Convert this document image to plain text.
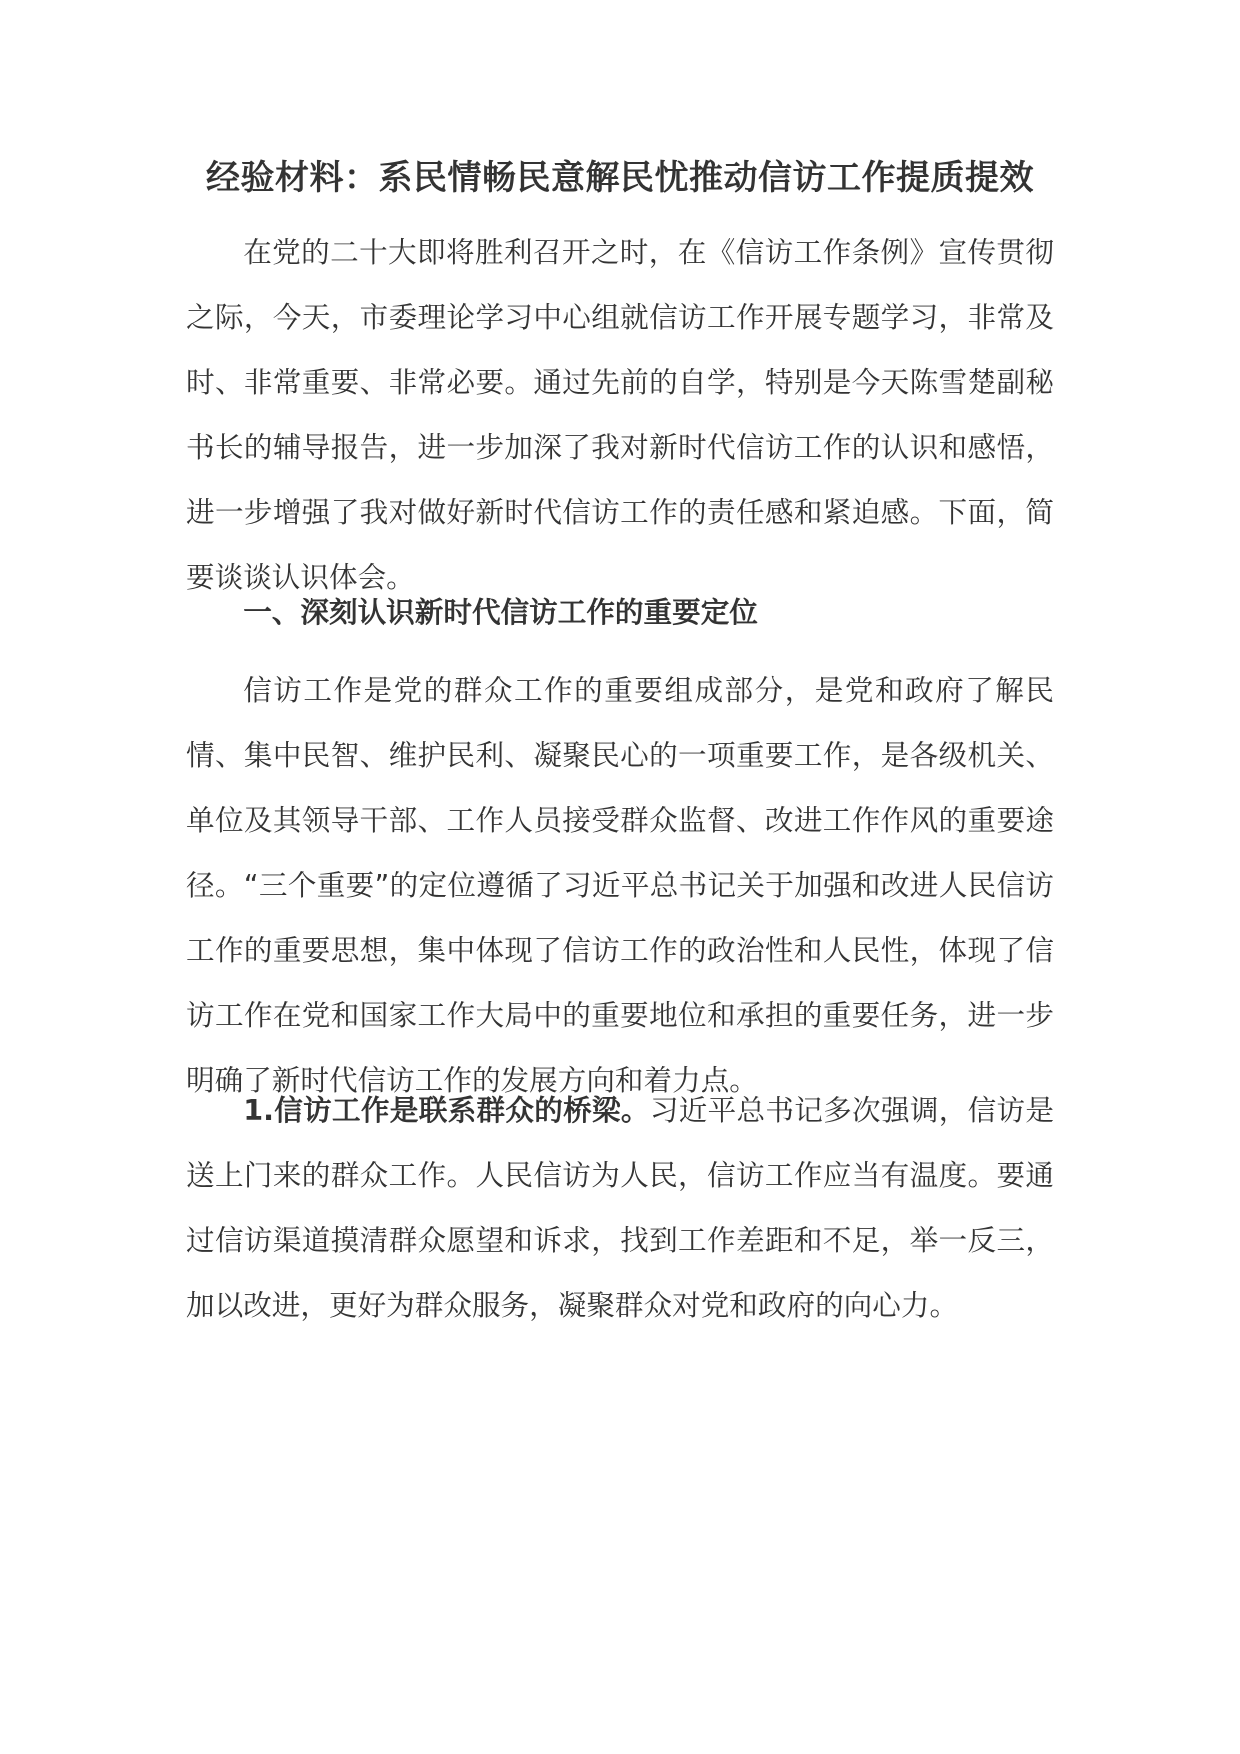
经验材料：系民情畅民意解民忧推动信访工作提质提效

在党的二十大即将胜利召开之时，在《信访工作条例》宣传贯彻之际，今天，市委理论学习中心组就信访工作开展专题学习，非常及时、非常重要、非常必要。通过先前的自学，特别是今天陈雪楚副秘书长的辅导报告，进一步加深了我对新时代信访工作的认识和感悟，进一步增强了我对做好新时代信访工作的责任感和紧迫感。下面，简要谈谈认识体会。

一、深刻认识新时代信访工作的重要定位

信访工作是党的群众工作的重要组成部分，是党和政府了解民情、集中民智、维护民利、凝聚民心的一项重要工作，是各级机关、单位及其领导干部、工作人员接受群众监督、改进工作作风的重要途径。“三个重要”的定位遵循了习近平总书记关于加强和改进人民信访工作的重要思想，集中体现了信访工作的政治性和人民性，体现了信访工作在党和国家工作大局中的重要地位和承担的重要任务，进一步明确了新时代信访工作的发展方向和着力点。

1.信访工作是联系群众的桥梁。习近平总书记多次强调，信访是送上门来的群众工作。人民信访为人民，信访工作应当有温度。要通过信访渠道摸清群众愿望和诉求，找到工作差距和不足，举一反三，加以改进，更好为群众服务，凝聚群众对党和政府的向心力。
